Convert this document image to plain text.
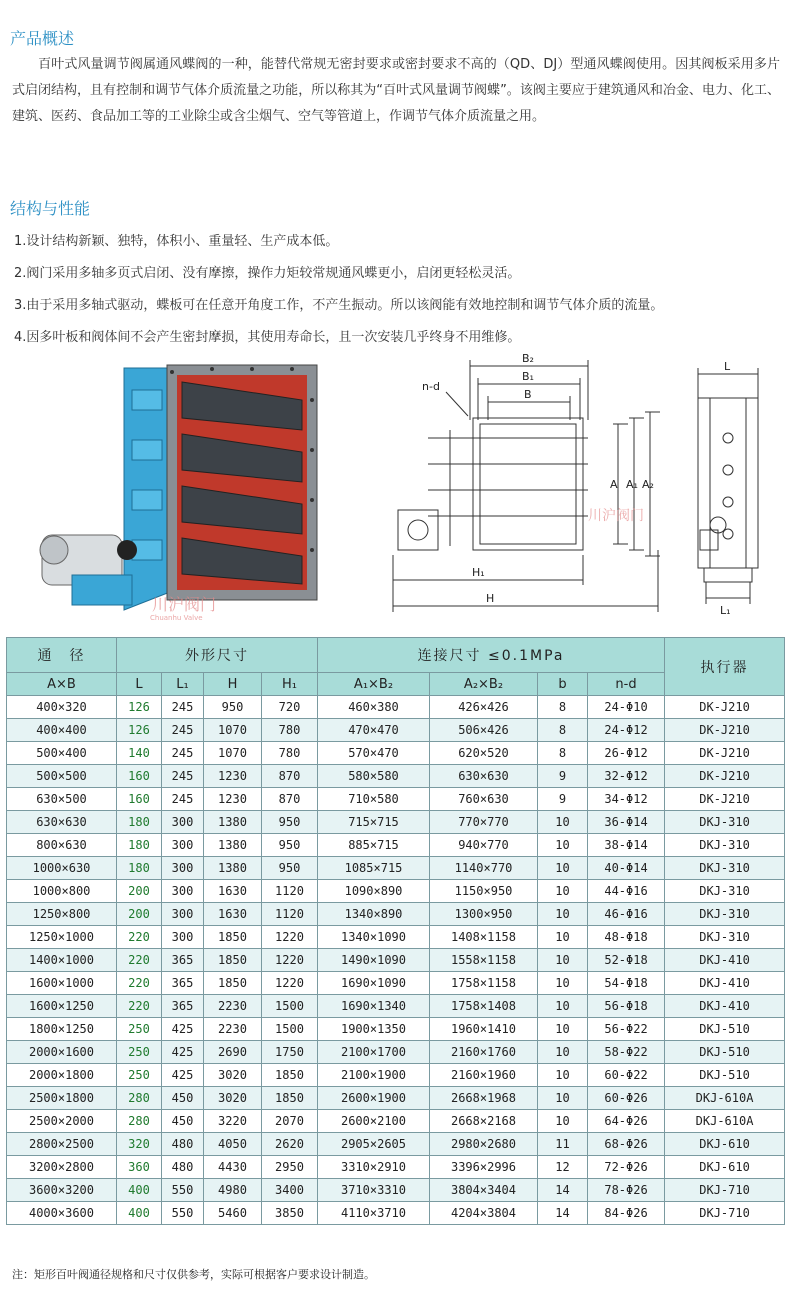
产品概述
百叶式风量调节阀属通风蝶阀的一种，能替代常规无密封要求或密封要求不高的（QD、DJ）型通风蝶阀使用。因其阀板采用多片式启闭结构，且有控制和调节气体介质流量之功能，所以称其为“百叶式风量调节阀蝶”。该阀主要应于建筑通风和冶金、电力、化工、建筑、医药、食品加工等的工业除尘或含尘烟气、空气等管道上，作调节气体介质流量之用。
结构与性能
1.设计结构新颖、独特，体积小、重量轻、生产成本低。
2.阀门采用多轴多页式启闭、没有摩擦，操作力矩较常规通风蝶更小，启闭更轻松灵活。
3.由于采用多轴式驱动，蝶板可在任意开角度工作，不产生振动。所以该阀能有效地控制和调节气体介质的流量。
4.因多叶板和阀体间不会产生密封摩损，其使用寿命长，且一次安装几乎终身不用维修。
川沪阀门
Chuanhu Valve
B₂
B₁
B
n-d
A A₁ A₂
H₁
H
川沪阀门
L
L₁
通　径	外形尺寸				连接尺寸 ≤0.1MPa				执行器
A×B	L	L₁	H	H₁	A₁×B₂	A₂×B₂	b	n-d	
400×320	126	245	950	720	460×380	426×426	8	24-Φ10	DK-J210
400×400	126	245	1070	780	470×470	506×426	8	24-Φ12	DK-J210
500×400	140	245	1070	780	570×470	620×520	8	26-Φ12	DK-J210
500×500	160	245	1230	870	580×580	630×630	9	32-Φ12	DK-J210
630×500	160	245	1230	870	710×580	760×630	9	34-Φ12	DK-J210
630×630	180	300	1380	950	715×715	770×770	10	36-Φ14	DKJ-310
800×630	180	300	1380	950	885×715	940×770	10	38-Φ14	DKJ-310
1000×630	180	300	1380	950	1085×715	1140×770	10	40-Φ14	DKJ-310
1000×800	200	300	1630	1120	1090×890	1150×950	10	44-Φ16	DKJ-310
1250×800	200	300	1630	1120	1340×890	1300×950	10	46-Φ16	DKJ-310
1250×1000	220	300	1850	1220	1340×1090	1408×1158	10	48-Φ18	DKJ-310
1400×1000	220	365	1850	1220	1490×1090	1558×1158	10	52-Φ18	DKJ-410
1600×1000	220	365	1850	1220	1690×1090	1758×1158	10	54-Φ18	DKJ-410
1600×1250	220	365	2230	1500	1690×1340	1758×1408	10	56-Φ18	DKJ-410
1800×1250	250	425	2230	1500	1900×1350	1960×1410	10	56-Φ22	DKJ-510
2000×1600	250	425	2690	1750	2100×1700	2160×1760	10	58-Φ22	DKJ-510
2000×1800	250	425	3020	1850	2100×1900	2160×1960	10	60-Φ22	DKJ-510
2500×1800	280	450	3020	1850	2600×1900	2668×1968	10	60-Φ26	DKJ-610A
2500×2000	280	450	3220	2070	2600×2100	2668×2168	10	64-Φ26	DKJ-610A
2800×2500	320	480	4050	2620	2905×2605	2980×2680	11	68-Φ26	DKJ-610
3200×2800	360	480	4430	2950	3310×2910	3396×2996	12	72-Φ26	DKJ-610
3600×3200	400	550	4980	3400	3710×3310	3804×3404	14	78-Φ26	DKJ-710
4000×3600	400	550	5460	3850	4110×3710	4204×3804	14	84-Φ26	DKJ-710
注：矩形百叶阀通径规格和尺寸仅供参考，实际可根据客户要求设计制造。
